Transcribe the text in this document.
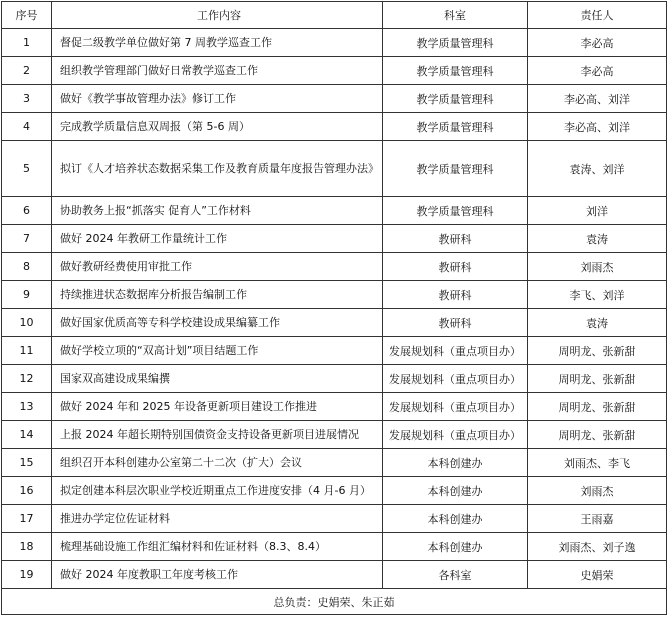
序号	工作内容	科室	责任人
1	督促二级教学单位做好第 7 周教学巡查工作	教学质量管理科	李必高
2	组织教学管理部门做好日常教学巡查工作	教学质量管理科	李必高
3	做好《教学事故管理办法》修订工作	教学质量管理科	李必高、刘洋
4	完成教学质量信息双周报（第 5-6 周）	教学质量管理科	李必高、刘洋
5	拟订《人才培养状态数据采集工作及教育质量年度报告管理办法》	教学质量管理科	袁涛、刘洋
6	协助教务上报“抓落实 促育人”工作材料	教学质量管理科	刘洋
7	做好 2024 年教研工作量统计工作	教研科	袁涛
8	做好教研经费使用审批工作	教研科	刘雨杰
9	持续推进状态数据库分析报告编制工作	教研科	李飞、刘洋
10	做好国家优质高等专科学校建设成果编纂工作	教研科	袁涛
11	做好学校立项的“双高计划”项目结题工作	发展规划科（重点项目办）	周明龙、张新甜
12	国家双高建设成果编撰	发展规划科（重点项目办）	周明龙、张新甜
13	做好 2024 年和 2025 年设备更新项目建设工作推进	发展规划科（重点项目办）	周明龙、张新甜
14	上报 2024 年超长期特别国债资金支持设备更新项目进展情况	发展规划科（重点项目办）	周明龙、张新甜
15	组织召开本科创建办公室第二十二次（扩大）会议	本科创建办	刘雨杰、李飞
16	拟定创建本科层次职业学校近期重点工作进度安排（4 月-6 月）	本科创建办	刘雨杰
17	推进办学定位佐证材料	本科创建办	王雨嘉
18	梳理基础设施工作组汇编材料和佐证材料（8.3、8.4）	本科创建办	刘雨杰、刘子逸
19	做好 2024 年度教职工年度考核工作	各科室	史娟荣
总负责：史娟荣、朱正茹			
